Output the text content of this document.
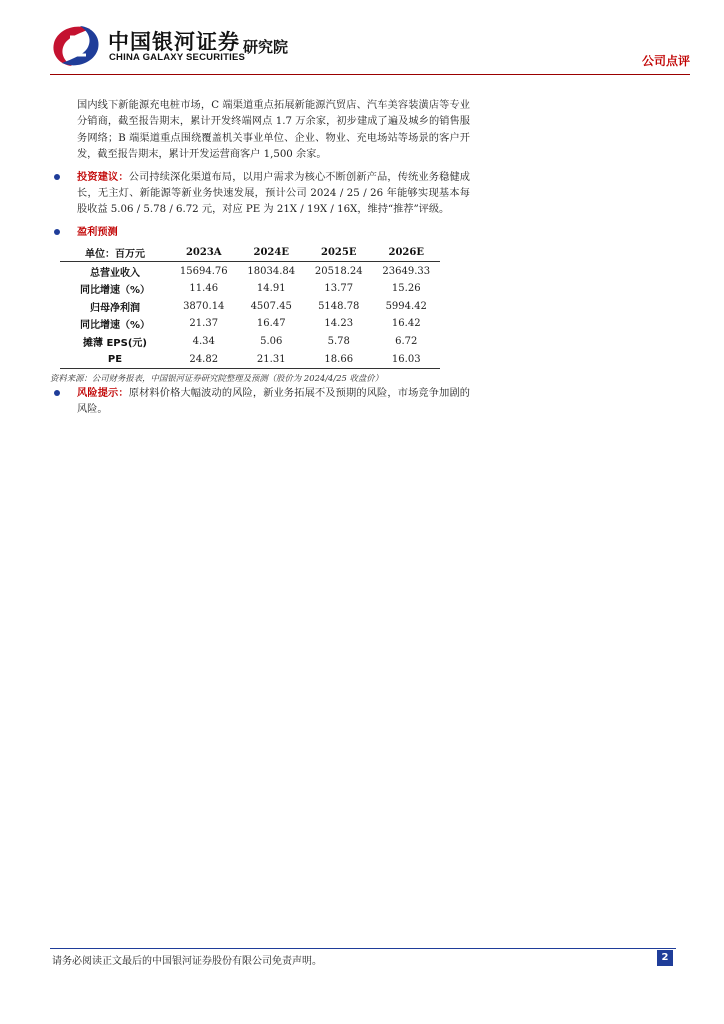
中国银河证券
CHINA GALAXY SECURITIES
研究院
公司点评

国内线下新能源充电桩市场，C 端渠道重点拓展新能源汽贸店、汽车美容装潢店等专业分销商，截至报告期末，累计开发终端网点 1.7 万余家，初步建成了遍及城乡的销售服务网络；B 端渠道重点围绕覆盖机关事业单位、企业、物业、充电场站等场景的客户开发，截至报告期末，累计开发运营商客户 1,500 余家。

投资建议：公司持续深化渠道布局，以用户需求为核心不断创新产品，传统业务稳健成长，无主灯、新能源等新业务快速发展，预计公司 2024 / 25 / 26 年能够实现基本每股收益 5.06 / 5.78 / 6.72 元，对应 PE 为 21X / 19X / 16X，维持“推荐”评级。
盈利预测
单位：百万元	2023A	2024E	2025E	2026E
总营业收入	15694.76	18034.84	20518.24	23649.33
同比增速（%）	11.46	14.91	13.77	15.26
归母净利润	3870.14	4507.45	5148.78	5994.42
同比增速（%）	21.37	16.47	14.23	16.42
摊薄 EPS(元)	4.34	5.06	5.78	6.72
PE	24.82	21.31	18.66	16.03
资料来源：公司财务报表，中国银河证券研究院整理及预测（股价为 2024/4/25 收盘价）
风险提示：原材料价格大幅波动的风险，新业务拓展不及预期的风险，市场竞争加剧的风险。
请务必阅读正文最后的中国银河证券股份有限公司免责声明。	2
